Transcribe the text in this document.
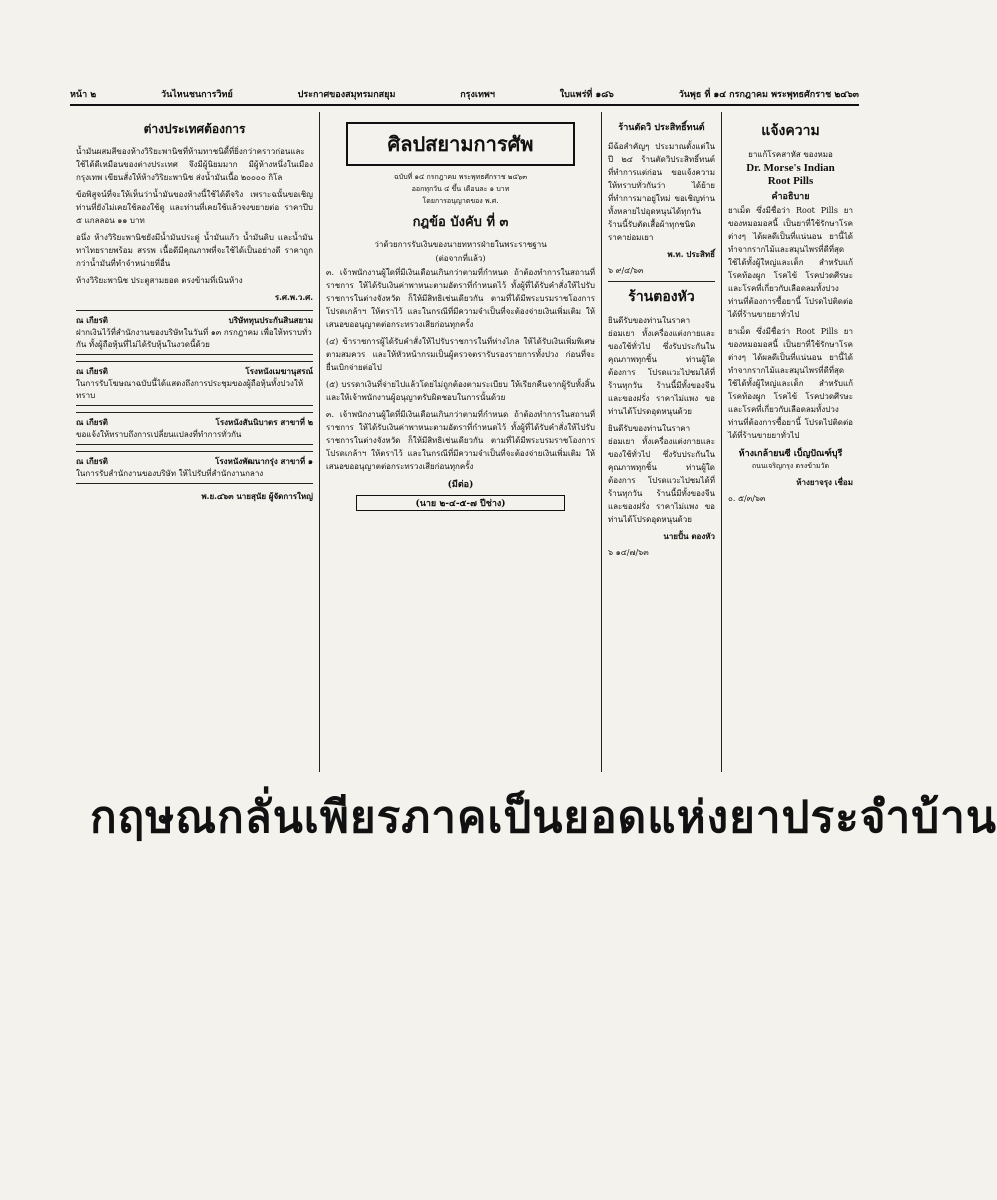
หน้า ๒	วันไหนชนการวิทย์	ประกาศของสมุทรมกสยุม	กรุงเทพฯ	ใบแพร่ที่ ๑๘๖	วันพุธ ที่ ๑๔ กรกฎาคม พระพุทธศักราช ๒๔๖๓
ต่างประเทศต้องการ

น้ำมันผสมสีของห้างวิริยะพานิชที่ห้ามทาชนิดี้ที่ยิ่งกว่าคราวก่อนและใช้ได้ดีเหมือนของต่างประเทศ จึงมีผู้นิยมมาก มีผู้ห้างหนึ่งในเมืองกรุงเทพ เขียนสั่งให้ห้างวิริยะพานิช ส่งน้ำมันเนื้อ ๒๐๐๐๐ กิโล

ข้อพิสูจน์ที่จะให้เห็นว่าน้ำมันของห้างนี้ใช้ได้ดีจริง เพราะฉนั้นขอเชิญท่านที่ยังไม่เคยใช้ลองใช้ดู และท่านที่เคยใช้แล้วจงขยายต่อ ราคาปีบ ๕ แกลลอน ๑๑ บาท

อนึ่ง ห้างวิริยะพานิชยังมีน้ำมันประดู่ น้ำมันแก้ว น้ำมันดิบ และน้ำมันทาไทยรายพร้อม สรรพ เนื้อดีมีคุณภาพที่จะใช้ได้เป็นอย่างดี ราคาถูกกว่าน้ำมันที่ทำจำหน่ายที่อื่น

ห้างวิริยะพานิช ประตูสามยอด ตรงข้ามที่เนินห้าง

ร.ศ.พ.ว.ศ.
ณ เกียรติ	บริษัททุนประกันสินสยาม

ฝากเงินไว้ที่สำนักงานของบริษัทในวันที่ ๑๓ กรกฎาคม เพื่อให้ทราบทั่วกัน ทั้งผู้ถือหุ้นที่ไม่ได้รับหุ้นในงวดนี้ด้วย

ณ เกียรติ	โรงหนังเมฆานุสรณ์

ในการรับโฆษณาฉบับนี้ได้แสดงถึงการประชุมของผู้ถือหุ้นทั้งปวงให้ทราบ

ณ เกียรติ	โรงหนังสันนิบาตร สาขาที่ ๒

ขอแจ้งให้ทราบถึงการเปลี่ยนแปลงที่ทำการทั่วกัน

ณ เกียรติ	โรงหนังพัฒนากรุ่ง สาขาที่ ๑

ในการรับสำนักงานของบริษัท ให้ไปรับที่สำนักงานกลาง

พ.ย.๔๖๓ นายสุนัย ผู้จัดการใหญ่
ศิลปสยามการศัพ
ฉบับที่ ๑๔ กรกฎาคม พระพุทธศักราช ๒๔๖๓
ออกทุกวัน ๔ ขึ้น เดือนละ ๑ บาท
โดยการอนุญาตของ พ.ศ.
กฎข้อ บังคับ ที่ ๓
ว่าด้วยการรับเงินของนายทหารฝ่ายในพระราชฐาน
(ต่อจากที่แล้ว)

๓. เจ้าพนักงานผู้ใดที่มีเงินเดือนเกินกว่าตามที่กำหนด ถ้าต้องทำการในสถานที่ราชการ ให้ได้รับเงินค่าพาหนะตามอัตราที่กำหนดไว้ ทั้งผู้ที่ได้รับคำสั่งให้ไปรับราชการในต่างจังหวัด ก็ให้มีสิทธิเช่นเดียวกัน ตามที่ได้มีพระบรมราชโองการโปรดเกล้าฯ ให้ตราไว้ และในกรณีที่มีความจำเป็นที่จะต้องจ่ายเงินเพิ่มเติม ให้เสนอขออนุญาตต่อกระทรวงเสียก่อนทุกครั้ง

(๔) ข้าราชการผู้ได้รับคำสั่งให้ไปรับราชการในที่ห่างไกล ให้ได้รับเงินเพิ่มพิเศษตามสมควร และให้หัวหน้ากรมเป็นผู้ตรวจตรารับรองรายการทั้งปวง ก่อนที่จะยื่นเบิกจ่ายต่อไป

(๕) บรรดาเงินที่จ่ายไปแล้วโดยไม่ถูกต้องตามระเบียบ ให้เรียกคืนจากผู้รับทั้งสิ้น และให้เจ้าพนักงานผู้อนุญาตรับผิดชอบในการนั้นด้วย

๓. เจ้าพนักงานผู้ใดที่มีเงินเดือนเกินกว่าตามที่กำหนด ถ้าต้องทำการในสถานที่ราชการ ให้ได้รับเงินค่าพาหนะตามอัตราที่กำหนดไว้ ทั้งผู้ที่ได้รับคำสั่งให้ไปรับราชการในต่างจังหวัด ก็ให้มีสิทธิเช่นเดียวกัน ตามที่ได้มีพระบรมราชโองการโปรดเกล้าฯ ให้ตราไว้ และในกรณีที่มีความจำเป็นที่จะต้องจ่ายเงินเพิ่มเติม ให้เสนอขออนุญาตต่อกระทรวงเสียก่อนทุกครั้ง

(มีต่อ)
(นาย ๒-๔-๕-๗ ปีช่าง)
ร้านตัดวิ ประสิทธิ์ทนต์

มีฉ้อสำคัญๆ ประมาณตั้งแต่ในปี ๒๔ ร้านตัดวิประสิทธิ์ทนต์ที่ทำการแต่ก่อน ขอแจ้งความให้ทราบทั่วกันว่า ได้ย้ายที่ทำการมาอยู่ใหม่ ขอเชิญท่านทั้งหลายไปอุดหนุนได้ทุกวัน ร้านนี้รับตัดเสื้อผ้าทุกชนิด ราคาย่อมเยา

พ.ท. ประสิทธิ์
๖ ๙/๔/๖๓
ร้านตองหัว

ยินดีรับของท่านในราคาย่อมเยา ทั้งเครื่องแต่งกายและของใช้ทั่วไป ซึ่งรับประกันในคุณภาพทุกชิ้น ท่านผู้ใดต้องการ โปรดแวะไปชมได้ที่ร้านทุกวัน ร้านนี้มีทั้งของจีนและของฝรั่ง ราคาไม่แพง ขอท่านได้โปรดอุดหนุนด้วย

ยินดีรับของท่านในราคาย่อมเยา ทั้งเครื่องแต่งกายและของใช้ทั่วไป ซึ่งรับประกันในคุณภาพทุกชิ้น ท่านผู้ใดต้องการ โปรดแวะไปชมได้ที่ร้านทุกวัน ร้านนี้มีทั้งของจีนและของฝรั่ง ราคาไม่แพง ขอท่านได้โปรดอุดหนุนด้วย

นายปั้น ตองหัว
๖ ๑๔/๗/๖๓
แจ้งความ
ยาแก้โรคสาหัส ของหมอ
Dr. Morse's Indian
Root Pills
คำอธิบาย

ยาเม็ด ซึ่งมีชื่อว่า Root Pills ยาของหมอมอสนี้ เป็นยาที่ใช้รักษาโรคต่างๆ ได้ผลดีเป็นที่แน่นอน ยานี้ได้ทำจากรากไม้และสมุนไพรที่ดีที่สุด ใช้ได้ทั้งผู้ใหญ่และเด็ก สำหรับแก้โรคท้องผูก โรคไข้ โรคปวดศีรษะ และโรคที่เกี่ยวกับเลือดลมทั้งปวง ท่านที่ต้องการซื้อยานี้ โปรดไปติดต่อได้ที่ร้านขายยาทั่วไป

ยาเม็ด ซึ่งมีชื่อว่า Root Pills ยาของหมอมอสนี้ เป็นยาที่ใช้รักษาโรคต่างๆ ได้ผลดีเป็นที่แน่นอน ยานี้ได้ทำจากรากไม้และสมุนไพรที่ดีที่สุด ใช้ได้ทั้งผู้ใหญ่และเด็ก สำหรับแก้โรคท้องผูก โรคไข้ โรคปวดศีรษะ และโรคที่เกี่ยวกับเลือดลมทั้งปวง ท่านที่ต้องการซื้อยานี้ โปรดไปติดต่อได้ที่ร้านขายยาทั่วไป

ห้างเกล้ายนซี เบ็ญปัณฑ์บุรี
ถนนเจริญกรุง ตรงข้ามวัด
ห้างยาจรุง เชื่อม
๐. ๕/๓/๖๓
กฤษณกลั่นเพียรภาคเป็นยอดแห่งยาประจำบ้าน
